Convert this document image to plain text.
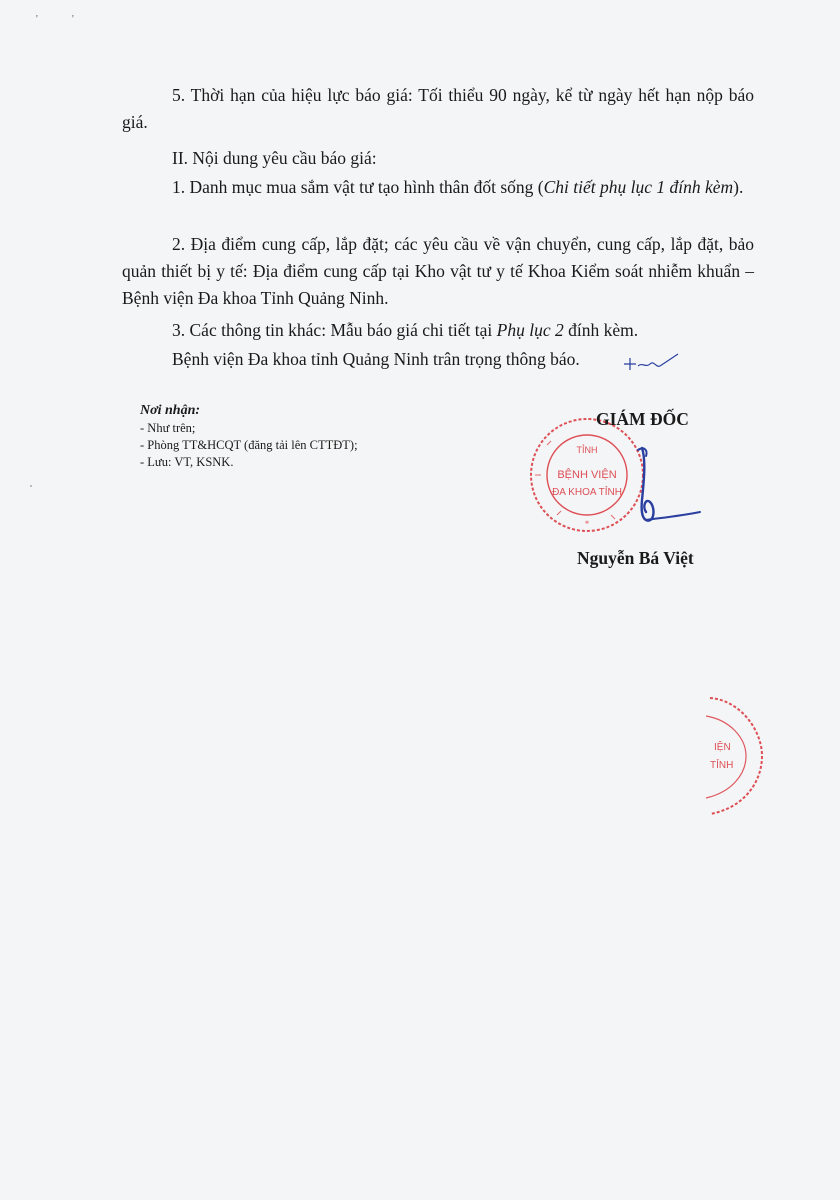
'	'

5. Thời hạn của hiệu lực báo giá: Tối thiểu 90 ngày, kể từ ngày hết hạn nộp báo giá.

II. Nội dung yêu cầu báo giá:

1. Danh mục mua sắm vật tư tạo hình thân đốt sống (Chi tiết phụ lục 1 đính kèm).

2. Địa điểm cung cấp, lắp đặt; các yêu cầu về vận chuyển, cung cấp, lắp đặt, bảo quản thiết bị y tế: Địa điểm cung cấp tại Kho vật tư y tế Khoa Kiểm soát nhiễm khuẩn – Bệnh viện Đa khoa Tỉnh Quảng Ninh.

3. Các thông tin khác: Mẫu báo giá chi tiết tại Phụ lục 2 đính kèm.

Bệnh viện Đa khoa tỉnh Quảng Ninh trân trọng thông báo.

Nơi nhận:
- Như trên;
- Phòng TT&HCQT (đăng tải lên CTTĐT);
- Lưu: VT, KSNK.
TỈNH
BỆNH VIỆN
ĐA KHOA TỈNH
*
GIÁM ĐỐC
Nguyễn Bá Việt
IỆN
TỈNH
